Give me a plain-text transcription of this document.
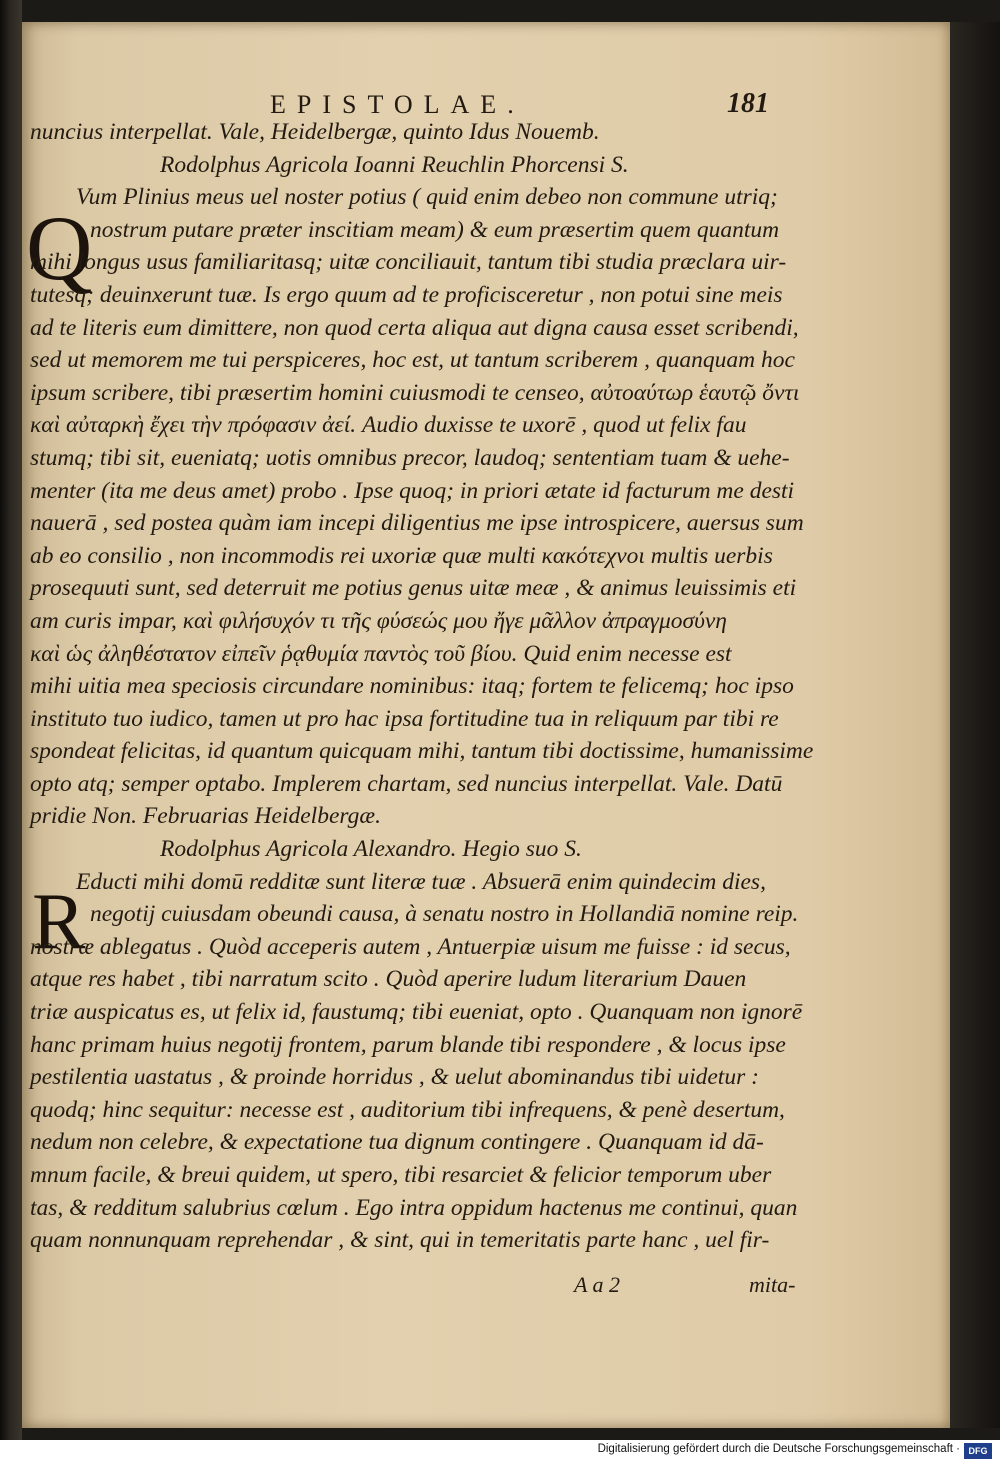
EPISTOLAE.	181
Q
R
nuncius interpellat. Vale, Heidelbergæ, quinto Idus Nouemb.
Rodolphus Agricola Ioanni Reuchlin Phorcensi S.
Vum Plinius meus uel noster potius ( quid enim debeo non commune utriq;
nostrum putare præter inscitiam meam) & eum præsertim quem quantum
mihi longus usus familiaritasq; uitæ conciliauit, tantum tibi studia præclara uir-
tutesq; deuinxerunt tuæ. Is ergo quum ad te proficisceretur , non potui sine meis
ad te literis eum dimittere, non quod certa aliqua aut digna causa esset scribendi,
sed ut memorem me tui perspiceres, hoc est, ut tantum scriberem , quanquam hoc
ipsum scribere, tibi præsertim homini cuiusmodi te censeo, αὐτοαύτωρ ἑαυτῷ ὄντι
καὶ αὐταρκὴ ἔχει τὴν πρόφασιν ἀεί. Audio duxisse te uxorē , quod ut felix fau
stumq; tibi sit, eueniatq; uotis omnibus precor, laudoq; sententiam tuam & uehe-
menter (ita me deus amet) probo . Ipse quoq; in priori ætate id facturum me desti
nauerā , sed postea quàm iam incepi diligentius me ipse introspicere, auersus sum
ab eo consilio , non incommodis rei uxoriæ quæ multi κακότεχνοι multis uerbis
prosequuti sunt, sed deterruit me potius genus uitæ meæ , & animus leuissimis eti
am curis impar, καὶ φιλήσυχόν τι τῆς φύσεώς μου ἤγε μᾶλλον ἀπραγμοσύνη
καὶ ὡς ἀληθέστατον εἰπεῖν ῥᾳθυμία παντὸς τοῦ βίου. Quid enim necesse est
mihi uitia mea speciosis circundare nominibus: itaq; fortem te felicemq; hoc ipso
instituto tuo iudico, tamen ut pro hac ipsa fortitudine tua in reliquum par tibi re
spondeat felicitas, id quantum quicquam mihi, tantum tibi doctissime, humanissime
opto atq; semper optabo. Implerem chartam, sed nuncius interpellat. Vale. Datū
pridie Non. Februarias Heidelbergæ.
Rodolphus Agricola Alexandro. Hegio suo S.
Educti mihi domū redditæ sunt literæ tuæ . Absuerā enim quindecim dies,
negotij cuiusdam obeundi causa, à senatu nostro in Hollandiā nomine reip.
nostræ ablegatus . Quòd acceperis autem , Antuerpiæ uisum me fuisse : id secus,
atque res habet , tibi narratum scito . Quòd aperire ludum literarium Dauen
triæ auspicatus es, ut felix id, faustumq; tibi eueniat, opto . Quanquam non ignorē
hanc primam huius negotij frontem, parum blande tibi respondere , & locus ipse
pestilentia uastatus , & proinde horridus , & uelut abominandus tibi uidetur :
quodq; hinc sequitur: necesse est , auditorium tibi infrequens, & penè desertum,
nedum non celebre, & expectatione tua dignum contingere . Quanquam id dā-
mnum facile, & breui quidem, ut spero, tibi resarciet & felicior temporum uber
tas, & redditum salubrius cœlum . Ego intra oppidum hactenus me continui, quan
quam nonnunquam reprehendar , & sint, qui in temeritatis parte hanc , uel fir-
A a 2	mita-
Digitalisierung gefördert durch die Deutsche Forschungsgemeinschaft · DFG
